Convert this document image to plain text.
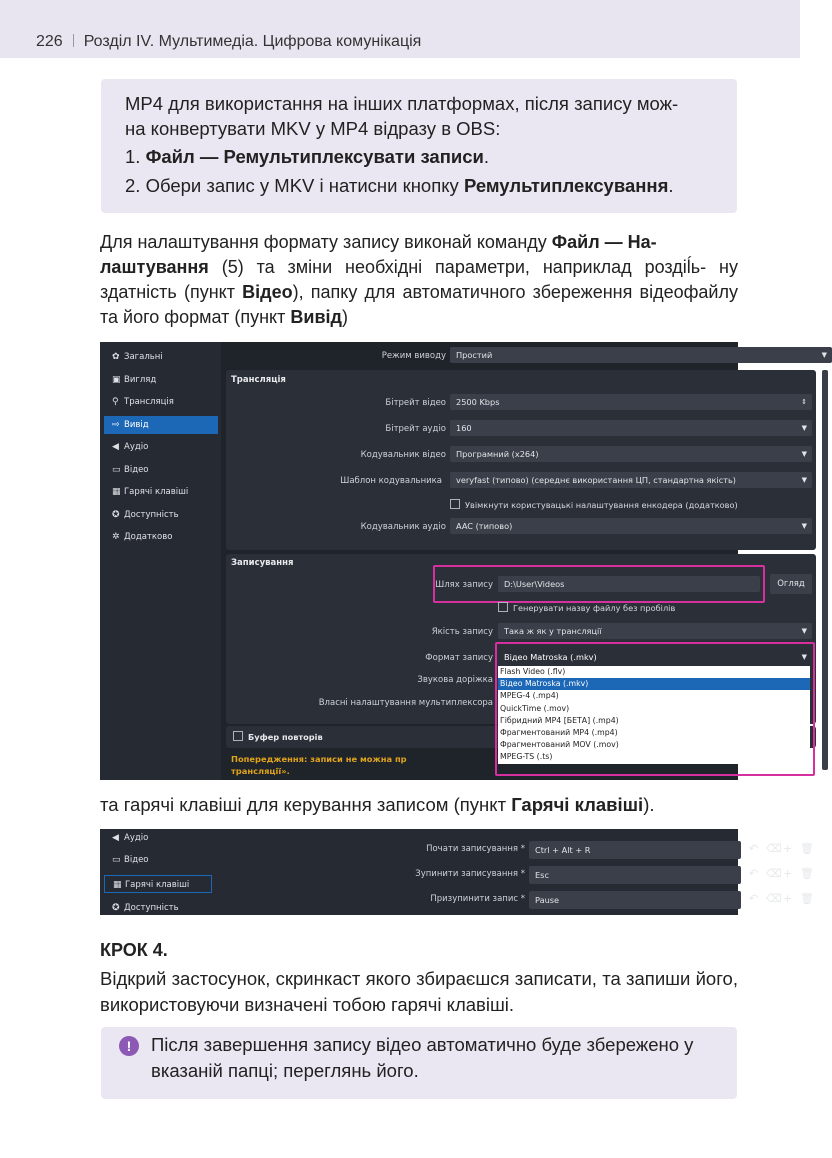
226 Розділ IV. Мультимедіа. Цифрова комунікація
MP4 для використання на інших платформах, після запису мож-
на конвертувати MKV у MP4 відразу в OBS:
1. Файл — Ремультиплексувати записи.
2. Обери запис у MKV і натисни кнопку Ремультиплексування.
Для налаштування формату запису виконай команду Файл — На-
лаштування (5) та зміни необхідні параметри, наприклад роздіĺь- ну здатність (пункт Відео), папку для автоматичного збереження відеофайлу та його формат (пункт Вивід)
✿ Загальні
▣ Вигляд
⚲ Трансляція
⇨ Вивід
◀ Аудіо
▭ Відео
▦ Гарячі клавіші
✪ Доступність
✲ Додатково
Режим виводу	Простий	▼
Трансляція
Бітрейт відео	2500 Kbps	⇕
Бітрейт аудіо	160	▼
Кодувальник відео	Програмний (x264)	▼
Шаблон кодувальника	veryfast (типово) (середнє використання ЦП, стандартна якість)	▼
Увімкнути користувацькі налаштування енкодера (додатково)
Кодувальник аудіо	AAC (типово)	▼
Записування
Шлях запису	D:\User\Videos	Огляд
Генерувати назву файлу без пробілів
Якість запису	Така ж як у трансляції	▼
Формат запису	Відео Matroska (.mkv)	▼
Звукова доріжка
Власні налаштування мультиплексора
Буфер повторів
Попередження: записи не можна пр
трансляції».
Flash Video (.flv)
Відео Matroska (.mkv)
MPEG-4 (.mp4)
QuickTime (.mov)
Гібридний MP4 [БЕТА] (.mp4)
Фрагментований MP4 (.mp4)
Фрагментований MOV (.mov)
MPEG-TS (.ts)
та гарячі клавіші для керування записом (пункт Гарячі клавіші).
◀ Аудіо
▭ Відео
▦ Гарячі клавіші
✪ Доступність
Почати записування *	Ctrl + Alt + R	↶ ⌫ + 🗑
Зупинити записування *	Esc	↶ ⌫ + 🗑
Призупинити запис *	Pause	↶ ⌫ + 🗑
КРОК 4.
Відкрий застосунок, скринкаст якого збираєшся записати, та запиши його, використовуючи визначені тобою гарячі клавіші.
!	Після завершення запису відео автоматично буде збережено у вказаній папці; переглянь його.
